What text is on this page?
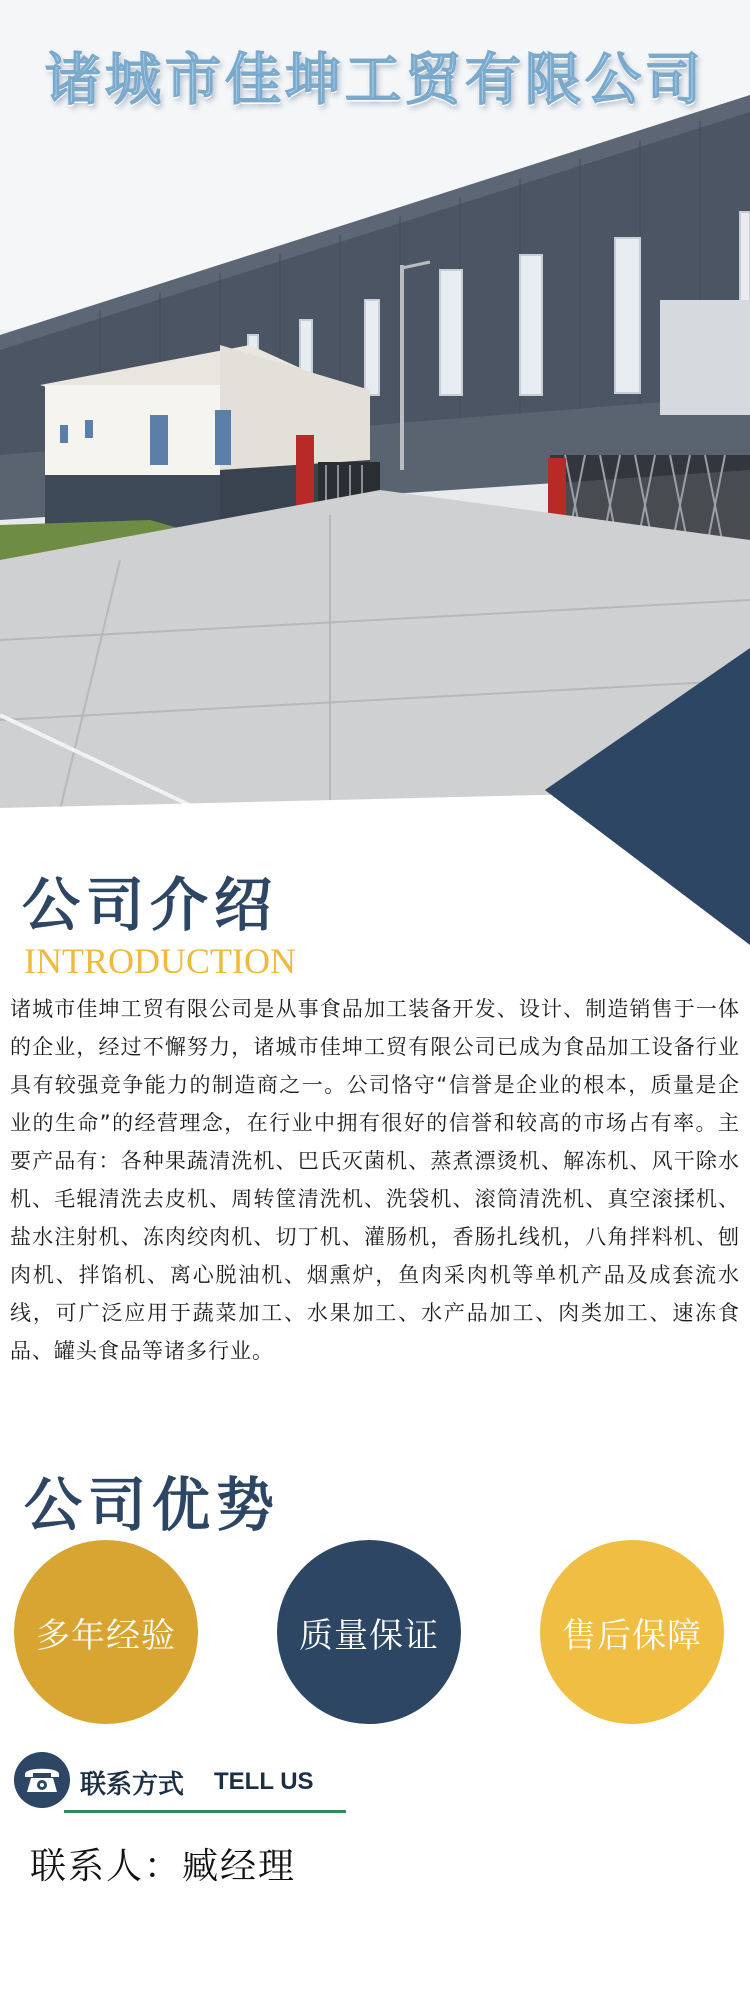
诸城市佳坤工贸有限公司
公司介绍
INTRODUCTION
诸城市佳坤工贸有限公司是从事食品加工装备开发、设计、制造销售于一体的企业，经过不懈努力，诸城市佳坤工贸有限公司已成为食品加工设备行业具有较强竞争能力的制造商之一。公司恪守“信誉是企业的根本，质量是企业的生命”的经营理念，在行业中拥有很好的信誉和较高的市场占有率。主要产品有：各种果蔬清洗机、巴氏灭菌机、蒸煮漂烫机、解冻机、风干除水机、毛辊清洗去皮机、周转筐清洗机、洗袋机、滚筒清洗机、真空滚揉机、盐水注射机、冻肉绞肉机、切丁机、灌肠机，香肠扎线机，八角拌料机、刨肉机、拌馅机、离心脱油机、烟熏炉，鱼肉采肉机等单机产品及成套流水线，可广泛应用于蔬菜加工、水果加工、水产品加工、肉类加工、速冻食品、罐头食品等诸多行业。
公司优势
多年经验	质量保证	售后保障
联系方式 TELL US
联系人：臧经理
